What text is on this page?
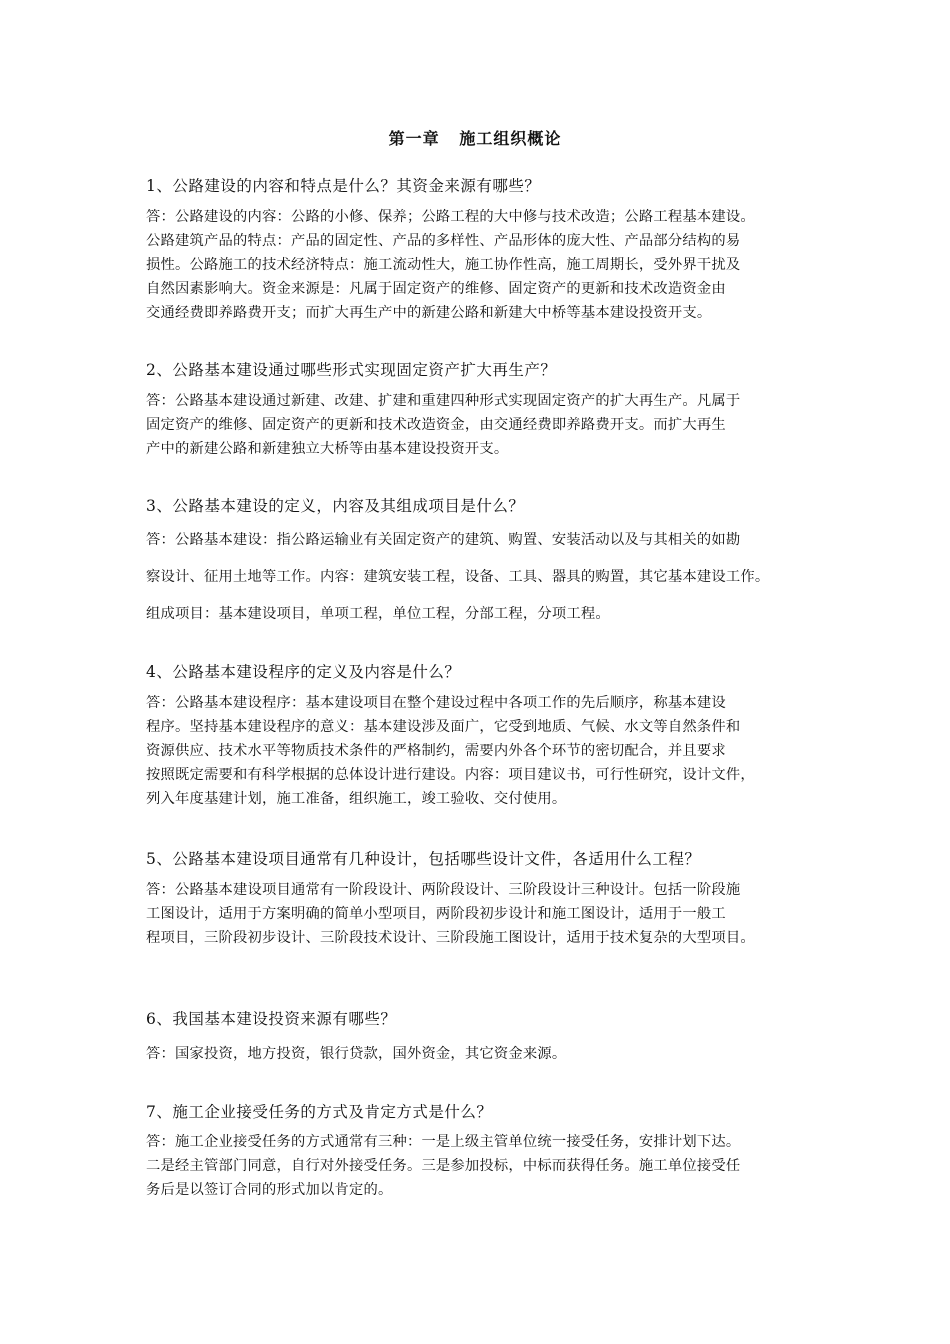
第一章   施工组织概论
1、公路建设的内容和特点是什么？其资金来源有哪些？
答：公路建设的内容：公路的小修、保养；公路工程的大中修与技术改造；公路工程基本建设。
公路建筑产品的特点：产品的固定性、产品的多样性、产品形体的庞大性、产品部分结构的易
损性。公路施工的技术经济特点：施工流动性大，施工协作性高，施工周期长，受外界干扰及
自然因素影响大。资金来源是：凡属于固定资产的维修、固定资产的更新和技术改造资金由
交通经费即养路费开支；而扩大再生产中的新建公路和新建大中桥等基本建设投资开支。
2、公路基本建设通过哪些形式实现固定资产扩大再生产？
答：公路基本建设通过新建、改建、扩建和重建四种形式实现固定资产的扩大再生产。凡属于
固定资产的维修、固定资产的更新和技术改造资金，由交通经费即养路费开支。而扩大再生
产中的新建公路和新建独立大桥等由基本建设投资开支。
3、公路基本建设的定义，内容及其组成项目是什么？
答：公路基本建设：指公路运输业有关固定资产的建筑、购置、安装活动以及与其相关的如勘
察设计、征用土地等工作。内容：建筑安装工程，设备、工具、器具的购置，其它基本建设工作。
组成项目：基本建设项目，单项工程，单位工程，分部工程，分项工程。
4、公路基本建设程序的定义及内容是什么？
答：公路基本建设程序：基本建设项目在整个建设过程中各项工作的先后顺序，称基本建设
程序。坚持基本建设程序的意义：基本建设涉及面广，它受到地质、气候、水文等自然条件和
资源供应、技术水平等物质技术条件的严格制约，需要内外各个环节的密切配合，并且要求
按照既定需要和有科学根据的总体设计进行建设。内容：项目建议书，可行性研究，设计文件，
列入年度基建计划，施工准备，组织施工，竣工验收、交付使用。
5、公路基本建设项目通常有几种设计，包括哪些设计文件，各适用什么工程？
答：公路基本建设项目通常有一阶段设计、两阶段设计、三阶段设计三种设计。包括一阶段施
工图设计，适用于方案明确的简单小型项目，两阶段初步设计和施工图设计，适用于一般工
程项目，三阶段初步设计、三阶段技术设计、三阶段施工图设计，适用于技术复杂的大型项目。
6、我国基本建设投资来源有哪些？
答：国家投资，地方投资，银行贷款，国外资金，其它资金来源。
7、施工企业接受任务的方式及肯定方式是什么？
答：施工企业接受任务的方式通常有三种：一是上级主管单位统一接受任务，安排计划下达。
二是经主管部门同意，自行对外接受任务。三是参加投标，中标而获得任务。施工单位接受任
务后是以签订合同的形式加以肯定的。
